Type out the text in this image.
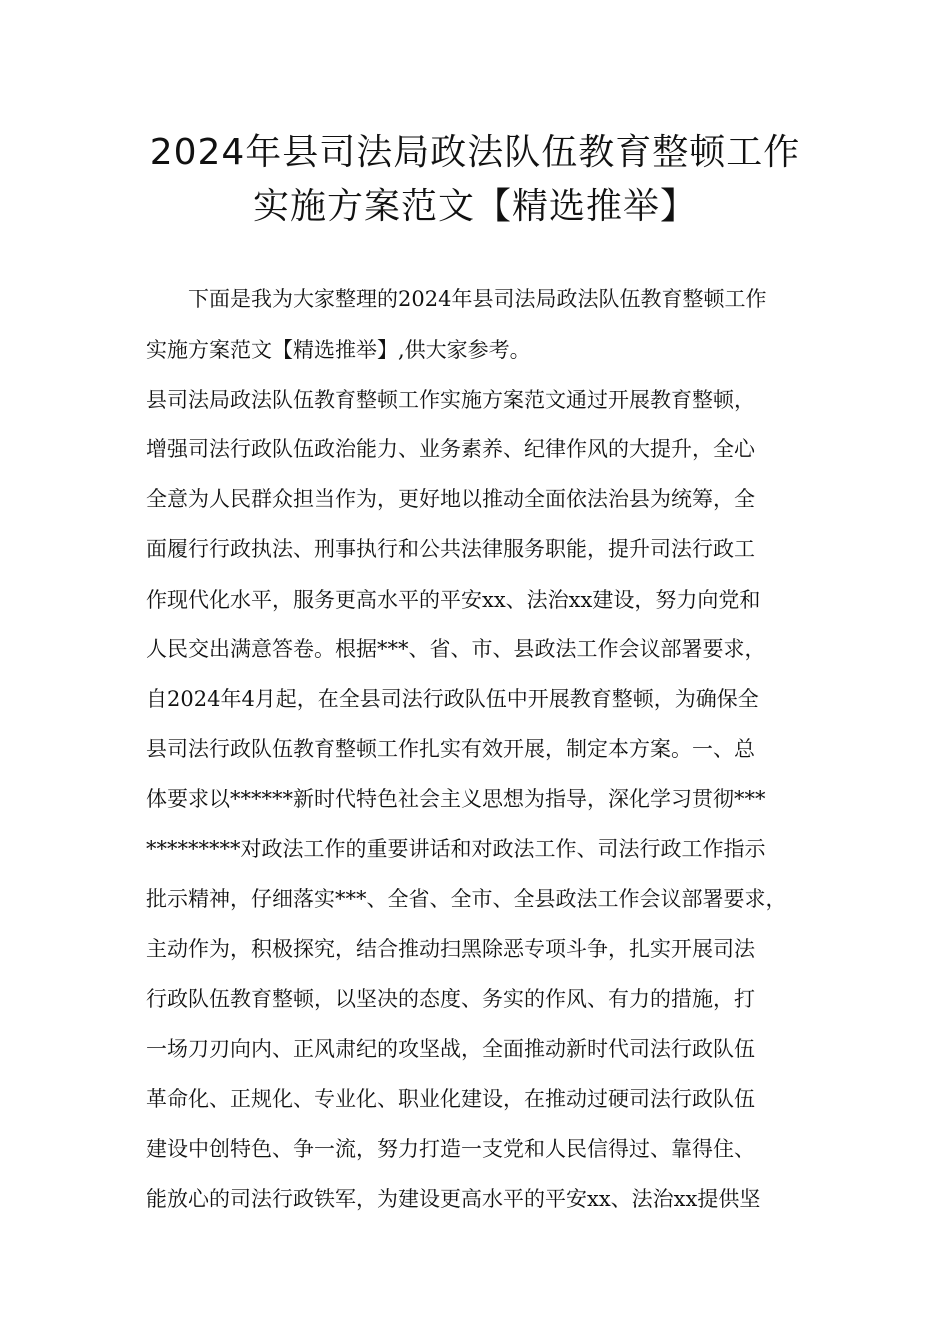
2024年县司法局政法队伍教育整顿工作
实施方案范文【精选推举】

下面是我为大家整理的2024年县司法局政法队伍教育整顿工作

实施方案范文【精选推举】,供大家参考。

县司法局政法队伍教育整顿工作实施方案范文通过开展教育整顿，

增强司法行政队伍政治能力、业务素养、纪律作风的大提升，全心

全意为人民群众担当作为，更好地以推动全面依法治县为统筹，全

面履行行政执法、刑事执行和公共法律服务职能，提升司法行政工

作现代化水平，服务更高水平的平安xx、法治xx建设，努力向党和

人民交出满意答卷。根据***、省、市、县政法工作会议部署要求，

自2024年4月起，在全县司法行政队伍中开展教育整顿，为确保全

县司法行政队伍教育整顿工作扎实有效开展，制定本方案。一、总

体要求以******新时代特色社会主义思想为指导，深化学习贯彻***

*********对政法工作的重要讲话和对政法工作、司法行政工作指示

批示精神，仔细落实***、全省、全市、全县政法工作会议部署要求，

主动作为，积极探究，结合推动扫黑除恶专项斗争，扎实开展司法

行政队伍教育整顿，以坚决的态度、务实的作风、有力的措施，打

一场刀刃向内、正风肃纪的攻坚战，全面推动新时代司法行政队伍

革命化、正规化、专业化、职业化建设，在推动过硬司法行政队伍

建设中创特色、争一流，努力打造一支党和人民信得过、靠得住、

能放心的司法行政铁军，为建设更高水平的平安xx、法治xx提供坚
